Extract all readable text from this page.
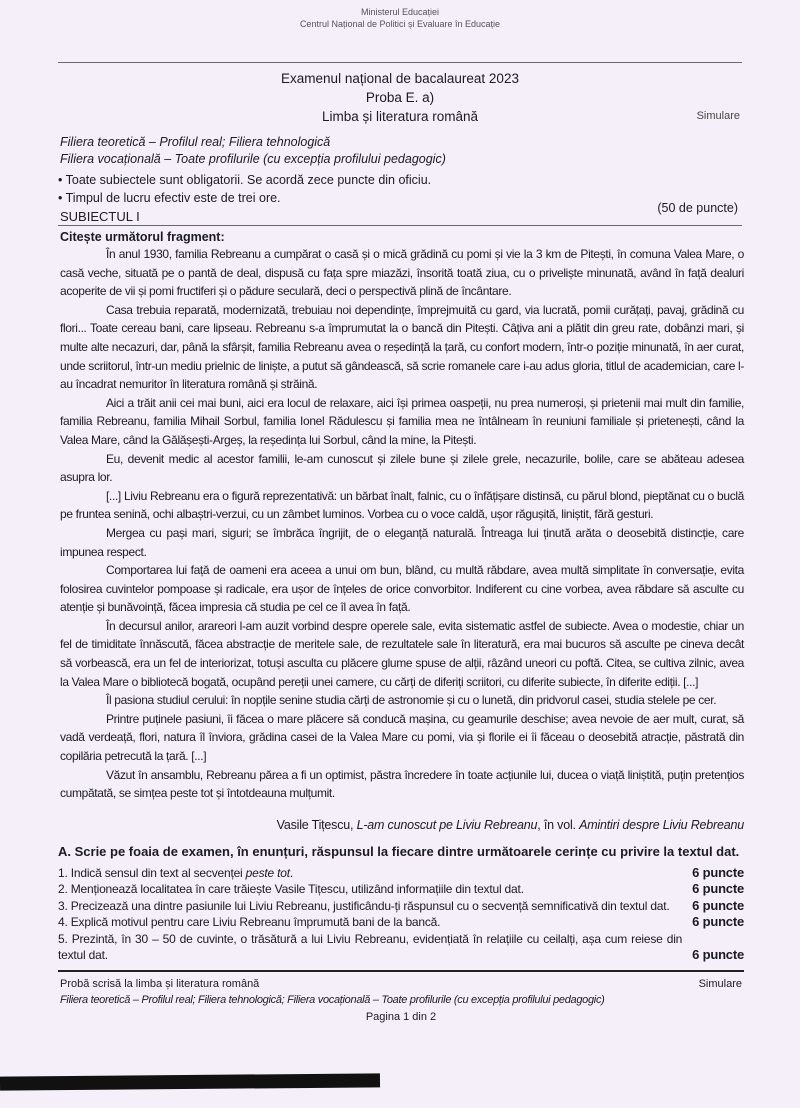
Ministerul Educației
Centrul Național de Politici și Evaluare în Educație
Examenul național de bacalaureat 2023
Proba E. a)
Limba și literatura română	Simulare
Filiera teoretică – Profilul real; Filiera tehnologică
Filiera vocațională – Toate profilurile (cu excepția profilului pedagogic)
• Toate subiectele sunt obligatorii. Se acordă zece puncte din oficiu.
• Timpul de lucru efectiv este de trei ore.
(50 de puncte)
SUBIECTUL I
Citește următorul fragment:

În anul 1930, familia Rebreanu a cumpărat o casă și o mică grădină cu pomi și vie la 3 km de Pitești, în comuna Valea Mare, o casă veche, situată pe o pantă de deal, dispusă cu fața spre miazăzi, însorită toată ziua, cu o priveliște minunată, având în față dealuri acoperite de vii și pomi fructiferi și o pădure seculară, deci o perspectivă plină de încântare.

Casa trebuia reparată, modernizată, trebuiau noi dependințe, împrejmuită cu gard, via lucrată, pomii curățați, pavaj, grădină cu flori... Toate cereau bani, care lipseau. Rebreanu s-a împrumutat la o bancă din Pitești. Câțiva ani a plătit din greu rate, dobânzi mari, și multe alte necazuri, dar, până la sfârșit, familia Rebreanu avea o reședință la țară, cu confort modern, într-o poziție minunată, în aer curat, unde scriitorul, într-un mediu prielnic de liniște, a putut să gândească, să scrie romanele care i-au adus gloria, titlul de academician, care l-au încadrat nemuritor în literatura română și străină.

Aici a trăit anii cei mai buni, aici era locul de relaxare, aici își primea oaspeții, nu prea numeroși, și prietenii mai mult din familie, familia Rebreanu, familia Mihail Sorbul, familia Ionel Rădulescu și familia mea ne întâlneam în reuniuni familiale și prietenești, când la Valea Mare, când la Gălășești-Argeș, la reședința lui Sorbul, când la mine, la Pitești.

Eu, devenit medic al acestor familii, le-am cunoscut și zilele bune și zilele grele, necazurile, bolile, care se abăteau adesea asupra lor.

[...] Liviu Rebreanu era o figură reprezentativă: un bărbat înalt, falnic, cu o înfățișare distinsă, cu părul blond, pieptănat cu o buclă pe fruntea senină, ochi albaștri-verzui, cu un zâmbet luminos. Vorbea cu o voce caldă, ușor răgușită, liniștit, fără gesturi.

Mergea cu pași mari, siguri; se îmbrăca îngrijit, de o eleganță naturală. Întreaga lui ținută arăta o deosebită distincție, care impunea respect.

Comportarea lui față de oameni era aceea a unui om bun, blând, cu multă răbdare, avea multă simplitate în conversație, evita folosirea cuvintelor pompoase și radicale, era ușor de înțeles de orice convorbitor. Indiferent cu cine vorbea, avea răbdare să asculte cu atenție și bunăvoință, făcea impresia că studia pe cel ce îl avea în față.

În decursul anilor, arareori l-am auzit vorbind despre operele sale, evita sistematic astfel de subiecte. Avea o modestie, chiar un fel de timiditate înnăscută, făcea abstracție de meritele sale, de rezultatele sale în literatură, era mai bucuros să asculte pe cineva decât să vorbească, era un fel de interiorizat, totuși asculta cu plăcere glume spuse de alții, râzând uneori cu poftă. Citea, se cultiva zilnic, avea la Valea Mare o bibliotecă bogată, ocupând pereții unei camere, cu cărți de diferiți scriitori, cu diferite subiecte, în diferite ediții. [...]

Îl pasiona studiul cerului: în nopțile senine studia cărți de astronomie și cu o lunetă, din pridvorul casei, studia stelele pe cer.

Printre puținele pasiuni, îi făcea o mare plăcere să conducă mașina, cu geamurile deschise; avea nevoie de aer mult, curat, să vadă verdeață, flori, natura îl înviora, grădina casei de la Valea Mare cu pomi, via și florile ei îi făceau o deosebită atracție, păstrată din copilăria petrecută la țară. [...]

Văzut în ansamblu, Rebreanu părea a fi un optimist, păstra încredere în toate acțiunile lui, ducea o viață liniștită, puțin pretențios cumpătată, se simțea peste tot și întotdeauna mulțumit.

Vasile Tițescu, L-am cunoscut pe Liviu Rebreanu, în vol. Amintiri despre Liviu Rebreanu
A. Scrie pe foaia de examen, în enunțuri, răspunsul la fiecare dintre următoarele cerințe cu privire la textul dat.
1. Indică sensul din text al secvenței peste tot.	6 puncte
2. Menționează localitatea în care trăiește Vasile Tițescu, utilizând informațiile din textul dat.	6 puncte
3. Precizează una dintre pasiunile lui Liviu Rebreanu, justificându-ți răspunsul cu o secvență semnificativă din textul dat.	6 puncte
4. Explică motivul pentru care Liviu Rebreanu împrumută bani de la bancă.	6 puncte
5. Prezintă, în 30 – 50 de cuvinte, o trăsătură a lui Liviu Rebreanu, evidențiată în relațiile cu ceilalți, așa cum reiese din textul dat.	6 puncte
Probă scrisă la limba și literatura română	Simulare
Filiera teoretică – Profilul real; Filiera tehnologică; Filiera vocațională – Toate profilurile (cu excepția profilului pedagogic)
Pagina 1 din 2
